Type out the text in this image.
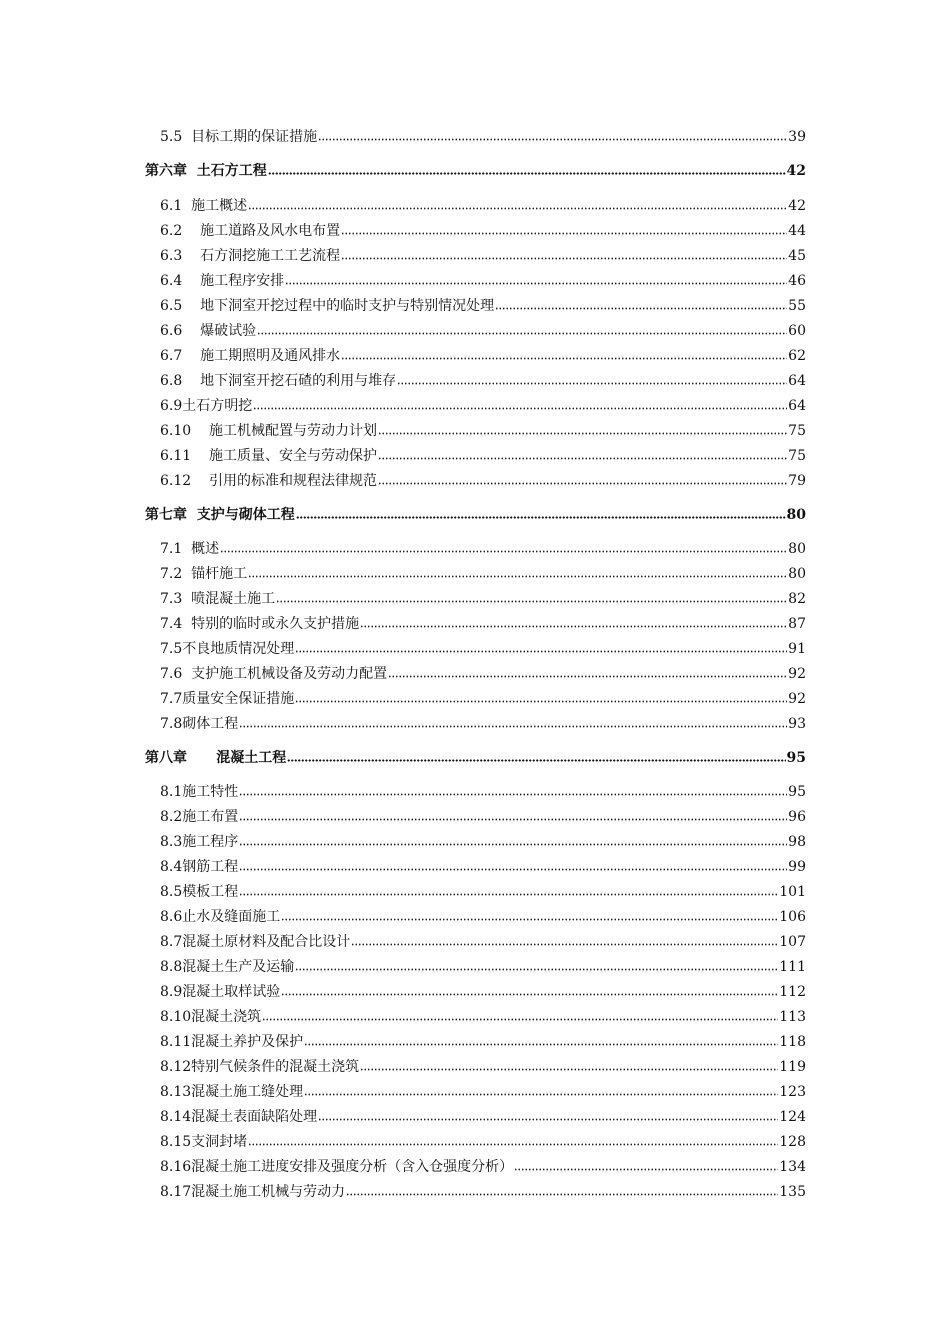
5.5  目标工期的保证措施	39
第六章  土石方工程	42
6.1  施工概述	42
6.2    施工道路及风水电布置	44
6.3    石方洞挖施工工艺流程	45
6.4    施工程序安排	46
6.5    地下洞室开挖过程中的临时支护与特别情况处理	55
6.6    爆破试验	60
6.7    施工期照明及通风排水	62
6.8    地下洞室开挖石碴的利用与堆存	64
6.9土石方明挖	64
6.10    施工机械配置与劳动力计划	75
6.11    施工质量、安全与劳动保护	75
6.12    引用的标准和规程法律规范	79
第七章  支护与砌体工程	80
7.1  概述	80
7.2  锚杆施工	80
7.3  喷混凝土施工	82
7.4  特别的临时或永久支护措施	87
7.5不良地质情况处理	91
7.6  支护施工机械设备及劳动力配置	92
7.7质量安全保证措施	92
7.8砌体工程	93
第八章      混凝土工程	95
8.1施工特性	95
8.2施工布置	96
8.3施工程序	98
8.4钢筋工程	99
8.5模板工程	101
8.6止水及缝面施工	106
8.7混凝土原材料及配合比设计	107
8.8混凝土生产及运输	111
8.9混凝土取样试验	112
8.10混凝土浇筑	113
8.11混凝土养护及保护	118
8.12特别气候条件的混凝土浇筑	119
8.13混凝土施工缝处理	123
8.14混凝土表面缺陷处理	124
8.15支洞封堵	128
8.16混凝土施工进度安排及强度分析（含入仓强度分析）	134
8.17混凝土施工机械与劳动力	135
